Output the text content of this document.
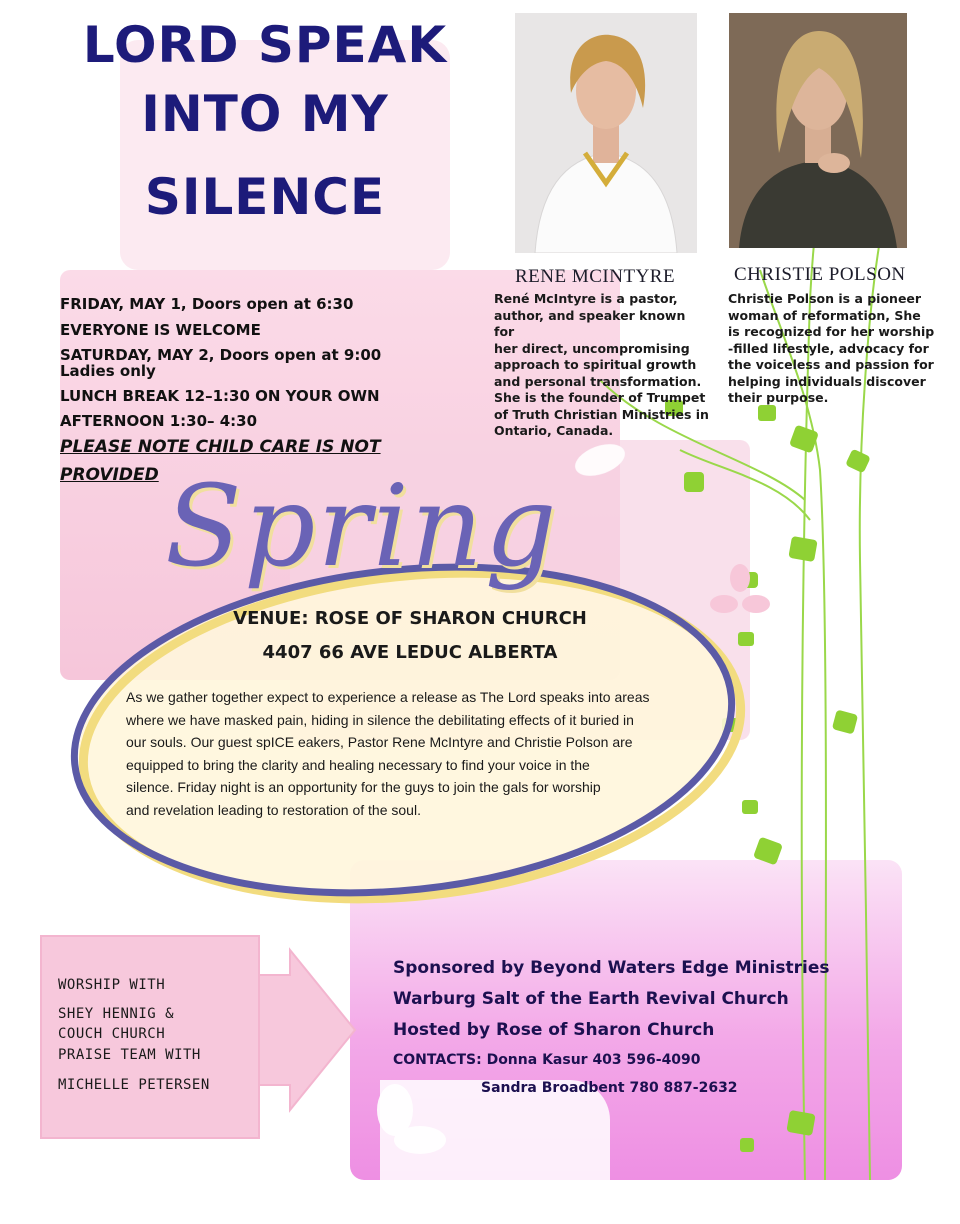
LORD SPEAK
INTO MY
SILENCE
RENE MCINTYRE	CHRISTIE POLSON
René McIntyre is a pastor,
author, and speaker known for
her direct, uncompromising
approach to spiritual growth
and personal transformation.
She is the founder of Trumpet
of Truth Christian Ministries in
Ontario, Canada.
Christie Polson is a pioneer
woman of reformation, She
is recognized for her worship
-filled lifestyle, advocacy for
the voiceless and passion for
helping individuals discover
their purpose.
FRIDAY, MAY 1, Doors open at 6:30
EVERYONE IS WELCOME
SATURDAY, MAY 2, Doors open at 9:00
Ladies only
LUNCH BREAK 12–1:30 ON YOUR OWN
AFTERNOON 1:30– 4:30
PLEASE NOTE CHILD CARE IS NOT
PROVIDED Spring
VENUE: ROSE OF SHARON CHURCH
4407 66 AVE LEDUC ALBERTA
As we gather together expect to experience a release as The Lord speaks into areas
where we have masked pain, hiding in silence the debilitating effects of it buried in
our souls. Our guest spICE eakers, Pastor Rene McIntyre and Christie Polson are
equipped to bring the clarity and healing necessary to find your voice in the
silence. Friday night is an opportunity for the guys to join the gals for worship
and revelation leading to restoration of the soul.
WORSHIP WITH
SHEY HENNIG &
COUCH CHURCH
PRAISE TEAM WITH
MICHELLE PETERSEN
Sponsored by Beyond Waters Edge Ministries
Warburg Salt of the Earth Revival Church
Hosted by Rose of Sharon Church
CONTACTS: Donna Kasur 403 596-4090
Sandra Broadbent 780 887-2632
